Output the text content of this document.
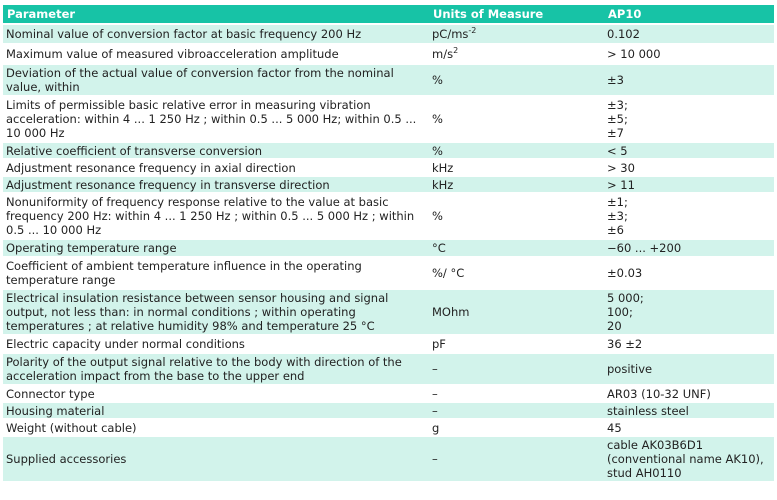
Parameter	Units of Measure	AP10
Nominal value of conversion factor at basic frequency 200 Hz	$pC/ms^{-2}$	0.102
Maximum value of measured vibroacceleration amplitude	$m/s^2$	> 10 000
Deviation of the actual value of conversion factor from the nominal value, within	%	±3
Limits of permissible basic relative error in measuring vibration acceleration: within 4 ... 1 250 Hz ; within 0.5 ... 5 000 Hz; within 0.5 ... 10 000 Hz	%	±3;
±5;
±7
Relative coefficient of transverse conversion	%	< 5
Adjustment resonance frequency in axial direction	kHz	> 30
Adjustment resonance frequency in transverse direction	kHz	> 11
Nonuniformity of frequency response relative to the value at basic frequency 200 Hz: within 4 ... 1 250 Hz ; within 0.5 ... 5 000 Hz ; within 0.5 ... 10 000 Hz	%	±1;
±3;
±6
Operating temperature range	°C	−60 ... +200
Coefficient of ambient temperature influence in the operating temperature range	%/ °C	±0.03
Electrical insulation resistance between sensor housing and signal output, not less than: in normal conditions ; within operating temperatures ; at relative humidity 98% and temperature 25 °C	MOhm	5 000;
100;
20
Electric capacity under normal conditions	pF	36 ±2
Polarity of the output signal relative to the body with direction of the acceleration impact from the base to the upper end	–	positive
Connector type	–	AR03 (10-32 UNF)
Housing material	–	stainless steel
Weight (without cable)	g	45
Supplied accessories	–	cable AK03B6D1 (conventional name AK10), stud AH0110
